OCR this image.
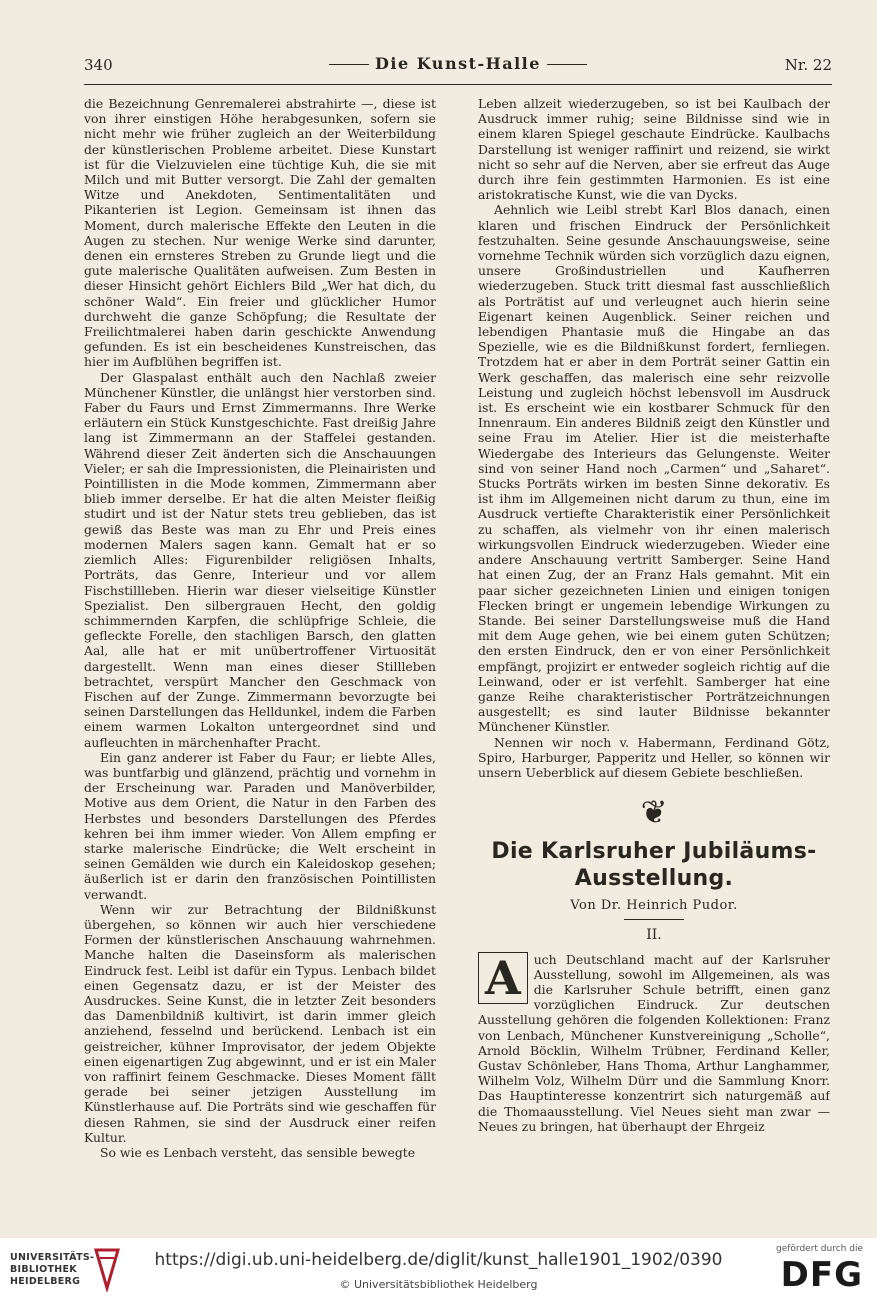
340	Die Kunst-Halle	Nr. 22

die Bezeichnung Genremalerei abstrahirte —, diese ist von ihrer einstigen Höhe herabgesunken, sofern sie nicht mehr wie früher zugleich an der Weiterbildung der künstlerischen Probleme arbeitet. Diese Kunstart ist für die Vielzuvielen eine tüchtige Kuh, die sie mit Milch und mit Butter versorgt. Die Zahl der gemalten Witze und Anekdoten, Sentimentalitäten und Pikanterien ist Legion. Gemeinsam ist ihnen das Moment, durch malerische Effekte den Leuten in die Augen zu stechen. Nur wenige Werke sind darunter, denen ein ernsteres Streben zu Grunde liegt und die gute malerische Qualitäten aufweisen. Zum Besten in dieser Hinsicht gehört Eichlers Bild „Wer hat dich, du schöner Wald“. Ein freier und glücklicher Humor durchweht die ganze Schöpfung; die Resultate der Freilichtmalerei haben darin geschickte Anwendung gefunden. Es ist ein bescheidenes Kunstreischen, das hier im Aufblühen begriffen ist.

Der Glaspalast enthält auch den Nachlaß zweier Münchener Künstler, die unlängst hier verstorben sind. Faber du Faurs und Ernst Zimmermanns. Ihre Werke erläutern ein Stück Kunstgeschichte. Fast dreißig Jahre lang ist Zimmermann an der Staffelei gestanden. Während dieser Zeit änderten sich die Anschauungen Vieler; er sah die Impressionisten, die Pleinairisten und Pointillisten in die Mode kommen, Zimmermann aber blieb immer derselbe. Er hat die alten Meister fleißig studirt und ist der Natur stets treu geblieben, das ist gewiß das Beste was man zu Ehr und Preis eines modernen Malers sagen kann. Gemalt hat er so ziemlich Alles: Figurenbilder religiösen Inhalts, Porträts, das Genre, Interieur und vor allem Fischstillleben. Hierin war dieser vielseitige Künstler Spezialist. Den silbergrauen Hecht, den goldig schimmernden Karpfen, die schlüpfrige Schleie, die gefleckte Forelle, den stachligen Barsch, den glatten Aal, alle hat er mit unübertroffener Virtuosität dargestellt. Wenn man eines dieser Stillleben betrachtet, verspürt Mancher den Geschmack von Fischen auf der Zunge. Zimmermann bevorzugte bei seinen Darstellungen das Helldunkel, indem die Farben einem warmen Lokalton untergeordnet sind und aufleuchten in märchenhafter Pracht.

Ein ganz anderer ist Faber du Faur; er liebte Alles, was buntfarbig und glänzend, prächtig und vornehm in der Erscheinung war. Paraden und Manöverbilder, Motive aus dem Orient, die Natur in den Farben des Herbstes und besonders Darstellungen des Pferdes kehren bei ihm immer wieder. Von Allem empfing er starke malerische Eindrücke; die Welt erscheint in seinen Gemälden wie durch ein Kaleidoskop gesehen; äußerlich ist er darin den französischen Pointillisten verwandt.

Wenn wir zur Betrachtung der Bildnißkunst übergehen, so können wir auch hier verschiedene Formen der künstlerischen Anschauung wahrnehmen. Manche halten die Daseinsform als malerischen Eindruck fest. Leibl ist dafür ein Typus. Lenbach bildet einen Gegensatz dazu, er ist der Meister des Ausdruckes. Seine Kunst, die in letzter Zeit besonders das Damenbildniß kultivirt, ist darin immer gleich anziehend, fesselnd und berückend. Lenbach ist ein geistreicher, kühner Improvisator, der jedem Objekte einen eigenartigen Zug abgewinnt, und er ist ein Maler von raffinirt feinem Geschmacke. Dieses Moment fällt gerade bei seiner jetzigen Ausstellung im Künstlerhause auf. Die Porträts sind wie geschaffen für diesen Rahmen, sie sind der Ausdruck einer reifen Kultur.

So wie es Lenbach versteht, das sensible bewegte

Leben allzeit wiederzugeben, so ist bei Kaulbach der Ausdruck immer ruhig; seine Bildnisse sind wie in einem klaren Spiegel geschaute Eindrücke. Kaulbachs Darstellung ist weniger raffinirt und reizend, sie wirkt nicht so sehr auf die Nerven, aber sie erfreut das Auge durch ihre fein gestimmten Harmonien. Es ist eine aristokratische Kunst, wie die van Dycks.

Aehnlich wie Leibl strebt Karl Blos danach, einen klaren und frischen Eindruck der Persönlichkeit festzuhalten. Seine gesunde Anschauungsweise, seine vornehme Technik würden sich vorzüglich dazu eignen, unsere Großindustriellen und Kaufherren wiederzugeben. Stuck tritt diesmal fast ausschließlich als Porträtist auf und verleugnet auch hierin seine Eigenart keinen Augenblick. Seiner reichen und lebendigen Phantasie muß die Hingabe an das Spezielle, wie es die Bildnißkunst fordert, fernliegen. Trotzdem hat er aber in dem Porträt seiner Gattin ein Werk geschaffen, das malerisch eine sehr reizvolle Leistung und zugleich höchst lebensvoll im Ausdruck ist. Es erscheint wie ein kostbarer Schmuck für den Innenraum. Ein anderes Bildniß zeigt den Künstler und seine Frau im Atelier. Hier ist die meisterhafte Wiedergabe des Interieurs das Gelungenste. Weiter sind von seiner Hand noch „Carmen“ und „Saharet“. Stucks Porträts wirken im besten Sinne dekorativ. Es ist ihm im Allgemeinen nicht darum zu thun, eine im Ausdruck vertiefte Charakteristik einer Persönlichkeit zu schaffen, als vielmehr von ihr einen malerisch wirkungsvollen Eindruck wiederzugeben. Wieder eine andere Anschauung vertritt Samberger. Seine Hand hat einen Zug, der an Franz Hals gemahnt. Mit ein paar sicher gezeichneten Linien und einigen tonigen Flecken bringt er ungemein lebendige Wirkungen zu Stande. Bei seiner Darstellungsweise muß die Hand mit dem Auge gehen, wie bei einem guten Schützen; den ersten Eindruck, den er von einer Persönlichkeit empfängt, projizirt er entweder sogleich richtig auf die Leinwand, oder er ist verfehlt. Samberger hat eine ganze Reihe charakteristischer Porträtzeichnungen ausgestellt; es sind lauter Bildnisse bekannter Münchener Künstler.

Nennen wir noch v. Habermann, Ferdinand Götz, Spiro, Harburger, Papperitz und Heller, so können wir unsern Ueberblick auf diesem Gebiete beschließen.

❦
Die Karlsruher Jubiläums-Ausstellung.
Von Dr. Heinrich Pudor.
II.

A	uch Deutschland macht auf der Karlsruher Ausstellung, sowohl im Allgemeinen, als was die Karlsruher Schule betrifft, einen ganz vorzüglichen Eindruck. Zur deutschen Ausstellung gehören die folgenden Kollektionen: Franz von Lenbach, Münchener Kunstvereinigung „Scholle“, Arnold Böcklin, Wilhelm Trübner, Ferdinand Keller, Gustav Schönleber, Hans Thoma, Arthur Langhammer, Wilhelm Volz, Wilhelm Dürr und die Sammlung Knorr. Das Hauptinteresse konzentrirt sich naturgemäß auf die Thomaausstellung. Viel Neues sieht man zwar — Neues zu bringen, hat überhaupt der Ehrgeiz

UNIVERSITÄTS-
BIBLIOTHEK
HEIDELBERG
https://digi.ub.uni-heidelberg.de/diglit/kunst_halle1901_1902/0390
© Universitätsbibliothek Heidelberg
gefördert durch die
DFG
